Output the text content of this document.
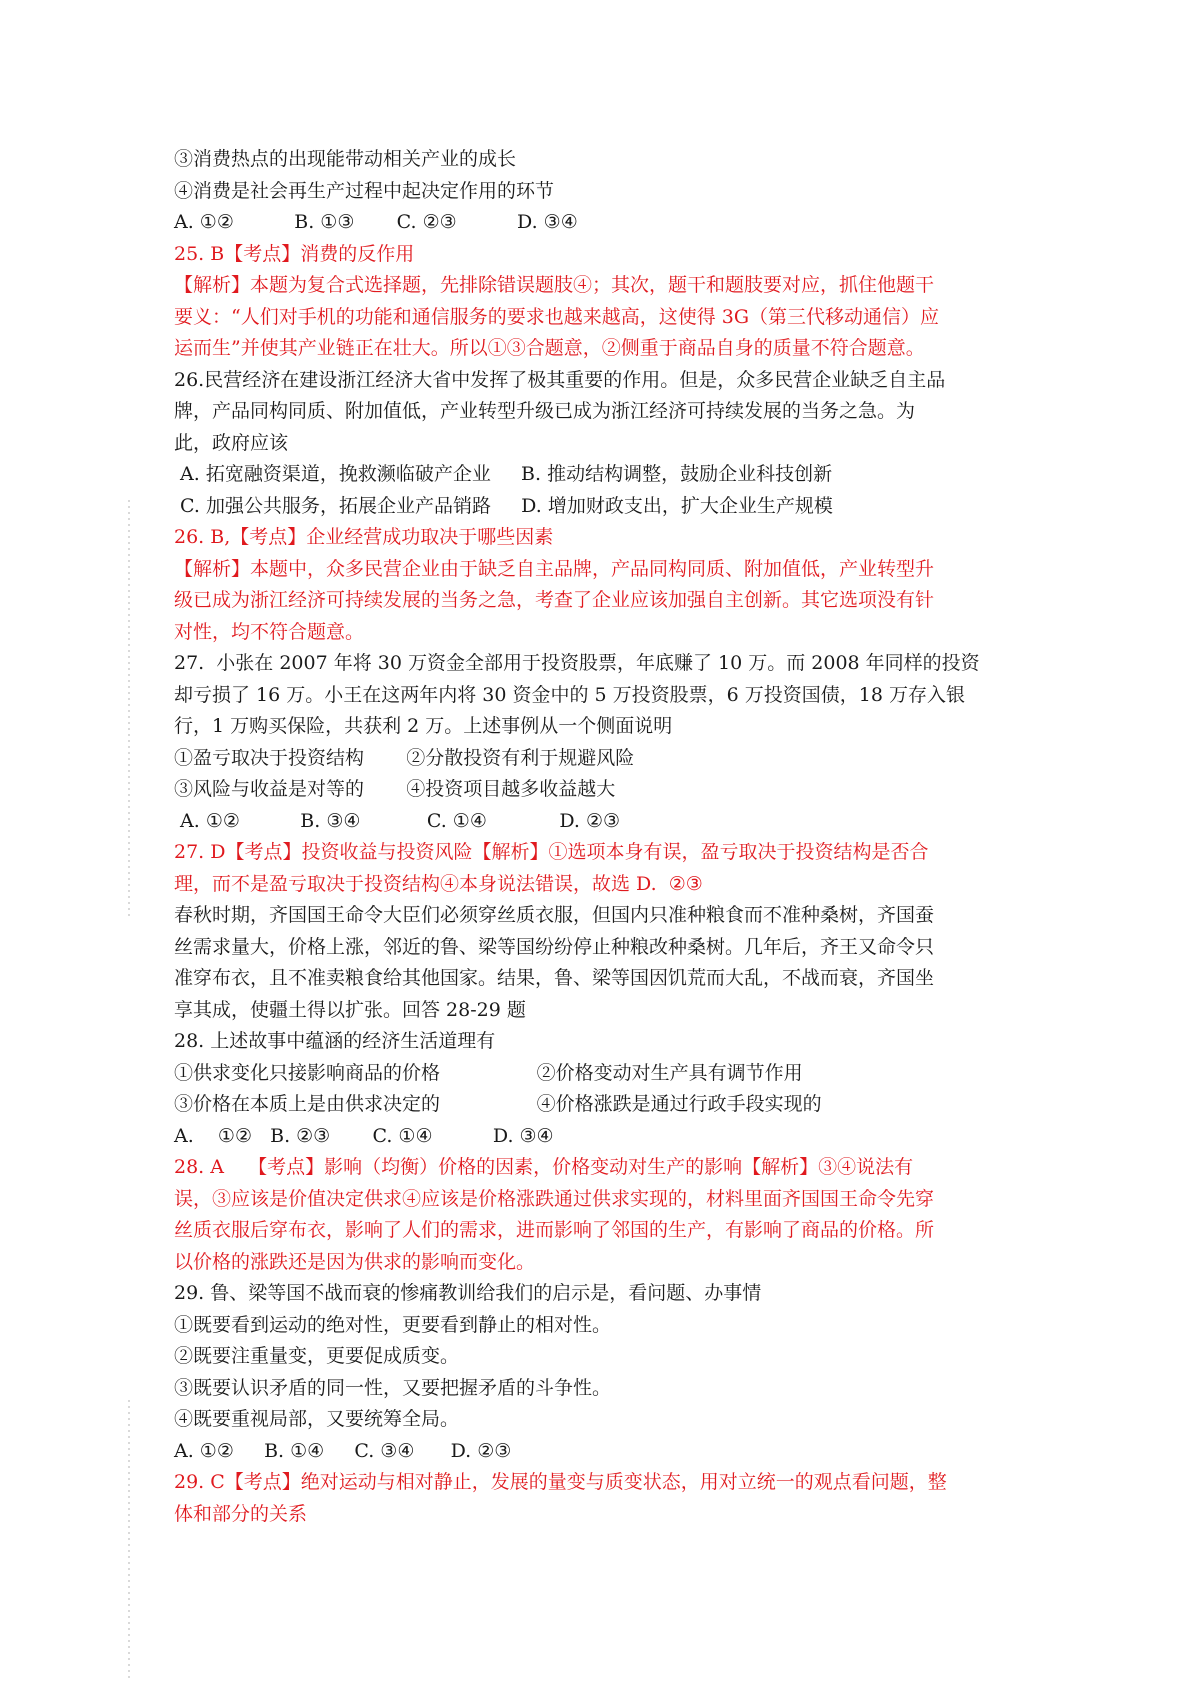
③消费热点的出现能带动相关产业的成长
④消费是社会再生产过程中起决定作用的环节
A. ①②          B. ①③       C. ②③          D. ③④
25. B【考点】消费的反作用
【解析】本题为复合式选择题，先排除错误题肢④；其次，题干和题肢要对应，抓住他题干
要义：“人们对手机的功能和通信服务的要求也越来越高，这使得 3G（第三代移动通信）应
运而生”并使其产业链正在壮大。所以①③合题意，②侧重于商品自身的质量不符合题意。
26.民营经济在建设浙江经济大省中发挥了极其重要的作用。但是，众多民营企业缺乏自主品
牌，产品同构同质、附加值低，产业转型升级已成为浙江经济可持续发展的当务之急。为
此，政府应该
A. 拓宽融资渠道，挽救濒临破产企业     B. 推动结构调整，鼓励企业科技创新
C. 加强公共服务，拓展企业产品销路     D. 增加财政支出，扩大企业生产规模
26. B,【考点】企业经营成功取决于哪些因素
【解析】本题中，众多民营企业由于缺乏自主品牌，产品同构同质、附加值低，产业转型升
级已成为浙江经济可持续发展的当务之急，考查了企业应该加强自主创新。其它选项没有针
对性，均不符合题意。
27.  小张在 2007 年将 30 万资金全部用于投资股票，年底赚了 10 万。而 2008 年同样的投资
却亏损了 16 万。小王在这两年内将 30 资金中的 5 万投资股票，6 万投资国债，18 万存入银
行，1 万购买保险，共获利 2 万。上述事例从一个侧面说明
①盈亏取决于投资结构       ②分散投资有利于规避风险
③风险与收益是对等的       ④投资项目越多收益越大
A. ①②          B. ③④           C. ①④            D. ②③
27. D【考点】投资收益与投资风险【解析】①选项本身有误，盈亏取决于投资结构是否合
理，而不是盈亏取决于投资结构④本身说法错误，故选 D.  ②③
春秋时期，齐国国王命令大臣们必须穿丝质衣服，但国内只准种粮食而不准种桑树，齐国蚕
丝需求量大，价格上涨，邻近的鲁、梁等国纷纷停止种粮改种桑树。几年后，齐王又命令只
准穿布衣，且不准卖粮食给其他国家。结果，鲁、梁等国因饥荒而大乱，不战而衰，齐国坐
享其成，使疆土得以扩张。回答 28-29 题
28. 上述故事中蕴涵的经济生活道理有
①供求变化只接影响商品的价格                ②价格变动对生产具有调节作用
③价格在本质上是由供求决定的                ④价格涨跌是通过行政手段实现的
A.    ①②   B. ②③       C. ①④          D. ③④
28. A    【考点】影响（均衡）价格的因素，价格变动对生产的影响【解析】③④说法有
误，③应该是价值决定供求④应该是价格涨跌通过供求实现的，材料里面齐国国王命令先穿
丝质衣服后穿布衣，影响了人们的需求，进而影响了邻国的生产，有影响了商品的价格。所
以价格的涨跌还是因为供求的影响而变化。
29. 鲁、梁等国不战而衰的惨痛教训给我们的启示是，看问题、办事情
①既要看到运动的绝对性，更要看到静止的相对性。
②既要注重量变，更要促成质变。
③既要认识矛盾的同一性，又要把握矛盾的斗争性。
④既要重视局部，又要统筹全局。
A. ①②     B. ①④     C. ③④      D. ②③
29. C【考点】绝对运动与相对静止，发展的量变与质变状态，用对立统一的观点看问题，整
体和部分的关系
